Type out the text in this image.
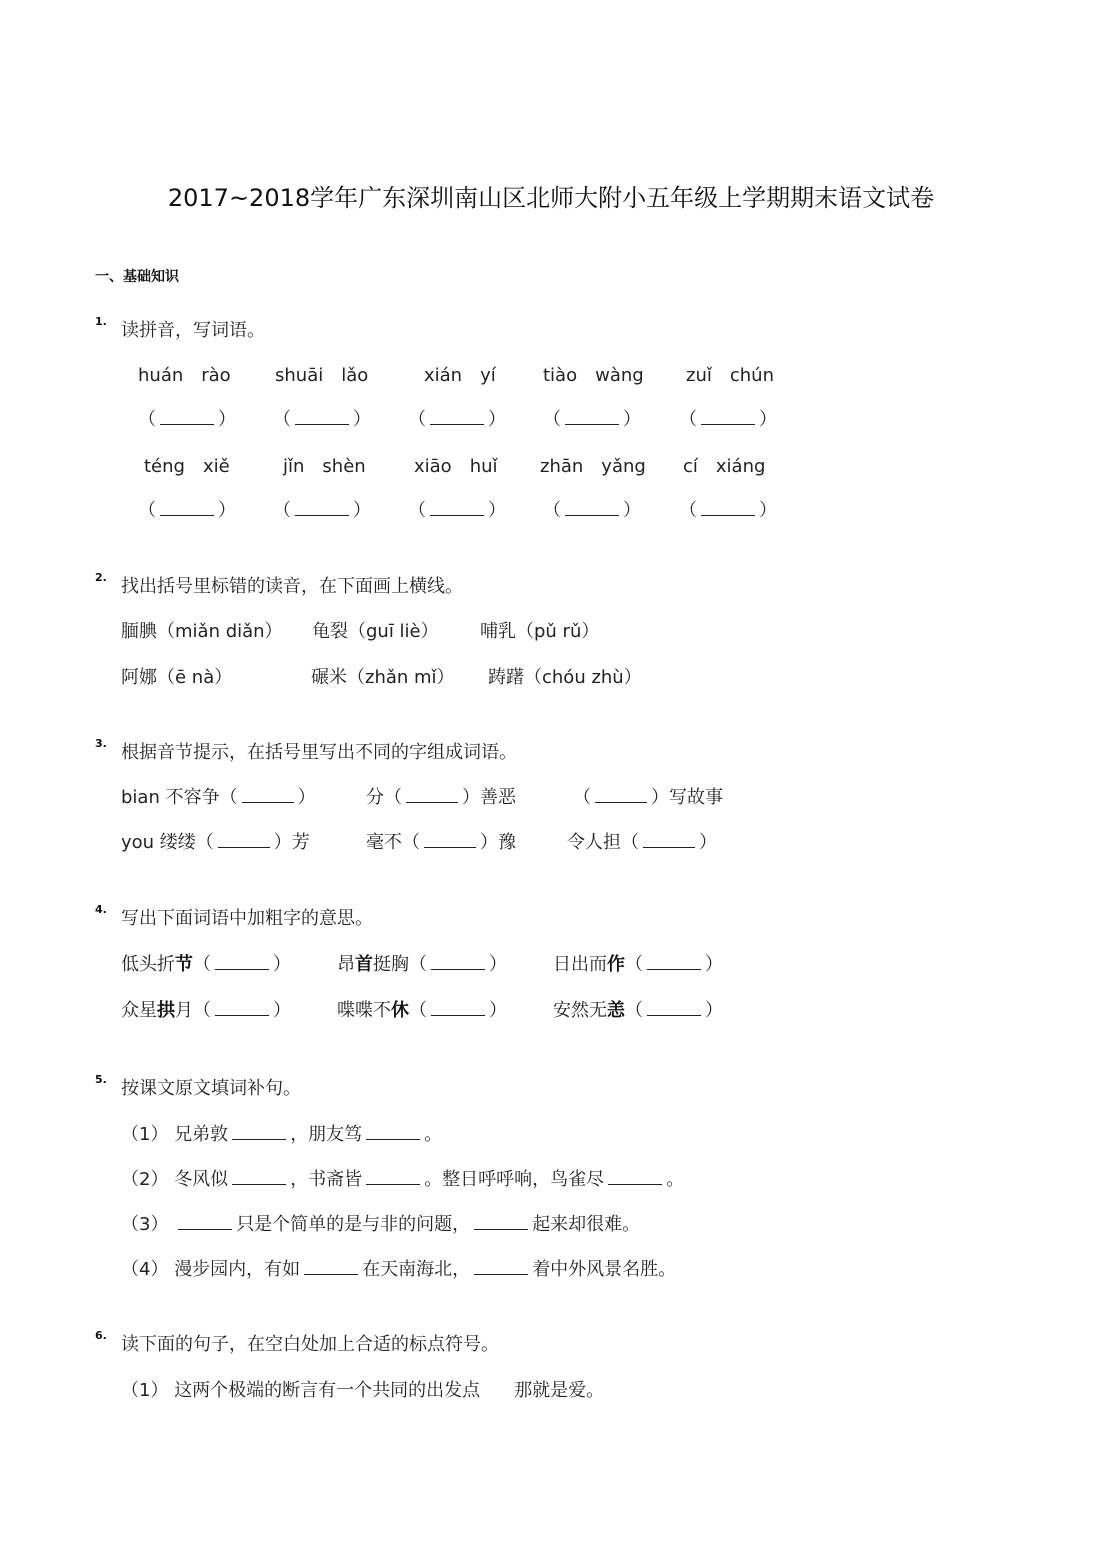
2017~2018学年广东深圳南山区北师大附小五年级上学期期末语文试卷
一、基础知识
1. 读拼音，写词语。
huán　rào shuāi　lǎo	xián　yí	tiào　wàng zuǐ　chún
（	） （	） （	） （	） （	）
téng　xiě	jǐn　shèn	xiāo　huǐ zhān　yǎng cí　xiáng
（	） （	） （	） （	） （	）
2. 找出括号里标错的读音，在下面画上横线。
腼腆（miǎn diǎn） 龟裂（guī liè） 哺乳（pǔ rǔ）
阿娜（ē nà）	碾米（zhǎn mǐ） 踌躇（chóu zhù）
3. 根据音节提示，在括号里写出不同的字组成词语。
bian 不容争（	）	分（	）善恶	（	）写故事
you 缕缕（	）芳	毫不（	）豫	令人担（	）
4. 写出下面词语中加粗字的意思。
低头折节（	）	昂首挺胸（	）	日出而作（	）
众星拱月（	）	喋喋不休（	）	安然无恙（	）
5. 按课文原文填词补句。
（1） 兄弟敦	，朋友笃	。
（2） 冬风似	，书斋皆	。整日呼呼响，鸟雀尽	。
（3）	只是个简单的是与非的问题，	起来却很难。
（4） 漫步园内，有如	在天南海北，	着中外风景名胜。
6. 读下面的句子，在空白处加上合适的标点符号。
（1） 这两个极端的断言有一个共同的出发点 那就是爱。
